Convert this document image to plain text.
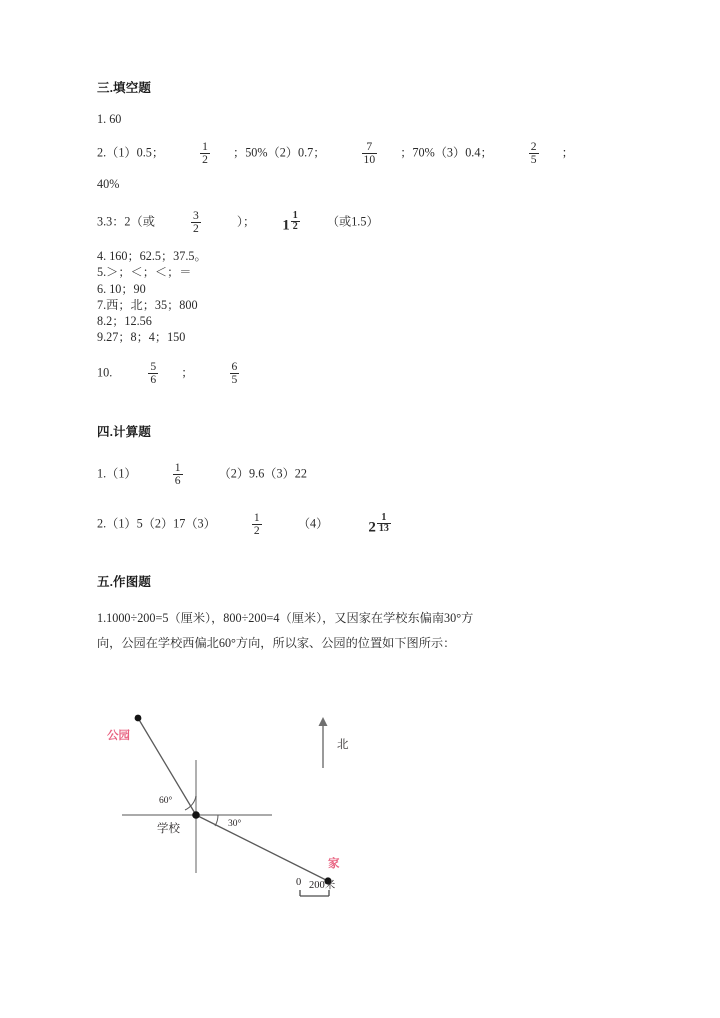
三.填空题
1. 60
2.（1）0.5；	$\frac{1}{2}$ ；50%（2）0.7；	$\frac{7}{10}$ ；70%（3）0.4；	$\frac{2}{5}$ ；
40%
3.3：2（或	$\frac{3}{2}$	）； $1 \frac{1}{2}$ （或1.5）
4. 160；62.5；37.5。
5.＞；＜；＜；＝
6. 10；90
7.西；北；35；800
8.2；12.56
9.27；8；4；150
10.	$\frac{5}{6}$ ；	$\frac{6}{5}$
四.计算题
1.（1）	$\frac{1}{6}$	（2）9.6（3）22
2.（1）5（2）17（3）	$\frac{1}{2}$	（4）	$2 \frac{1}{13}$
五.作图题
1.1000÷200=5（厘米），800÷200=4（厘米），又因家在学校东偏南30°方
向，公园在学校西偏北60°方向，所以家、公园的位置如下图所示：
公园
家
学校
北
60°
30°
0 200米
